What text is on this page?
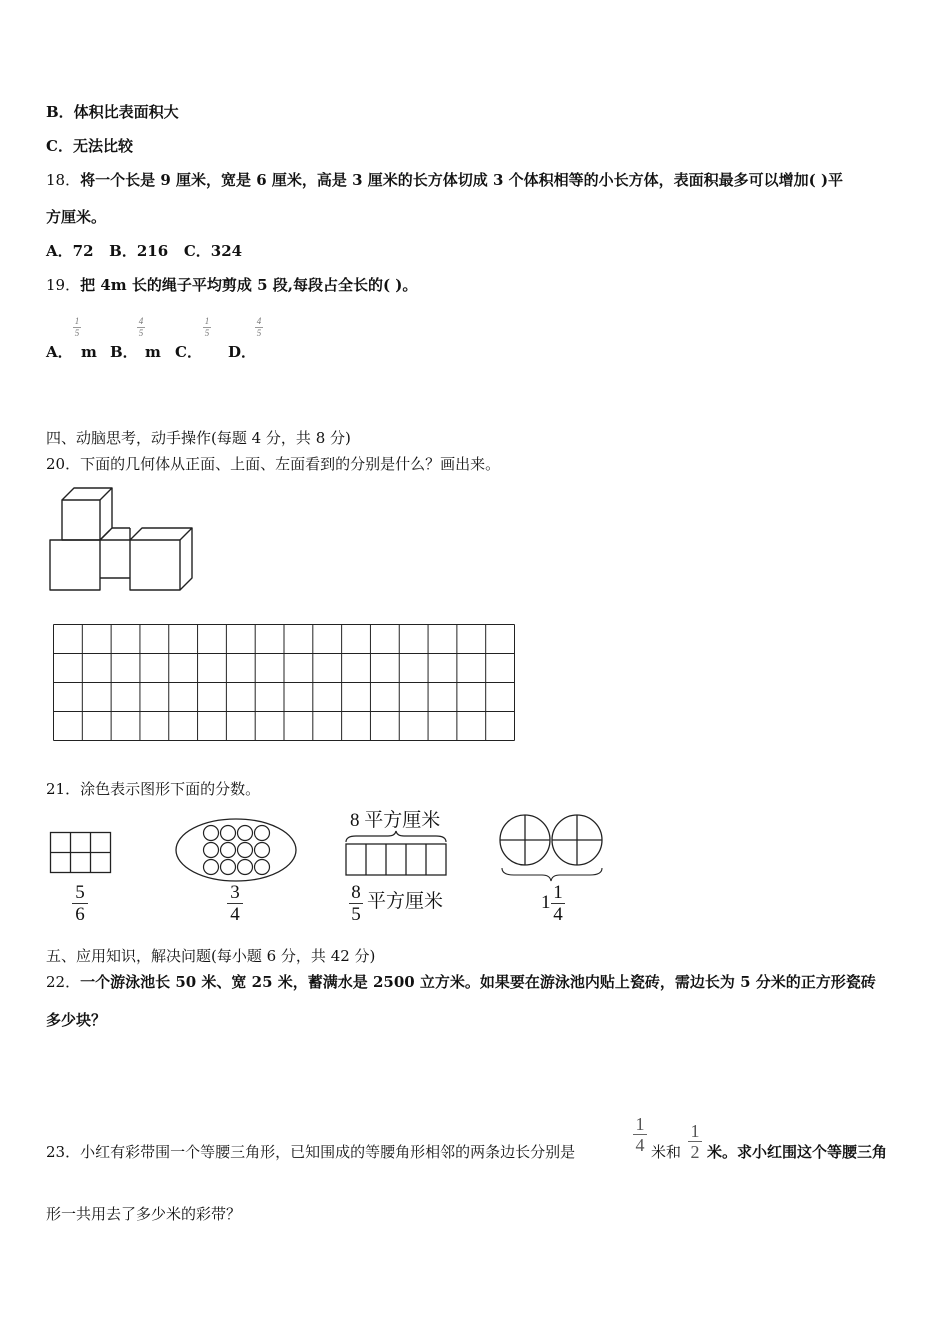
B．体积比表面积大
C．无法比较
18．将一个长是 9 厘米，宽是 6 厘米，高是 3 厘米的长方体切成 3 个体积相等的小长方体，表面积最多可以增加( )平
方厘米。
A．72   B．216   C．324
19．把 4m 长的绳子平均剪成 5 段,每段占全长的( )。
A．
1
5
m B．
4
5
m C．
1
5
D．
4
5
四、动脑思考，动手操作(每题 4 分，共 8 分)
20．下面的几何体从正面、上面、左面看到的分别是什么？画出来。
21．涂色表示图形下面的分数。
5
6
3
4
8 平方厘米
8
5
平方厘米	1 1
4
五、应用知识，解决问题(每小题 6 分，共 42 分)
22．一个游泳池长 50 米、宽 25 米，蓄满水是 2500 立方米。如果要在游泳池内贴上瓷砖，需边长为 5 分米的正方形瓷砖
多少块？
23．小红有彩带围一个等腰三角形，已知围成的等腰角形相邻的两条边长分别是
1
4 米和
1
2 米。求小红围这个等腰三角
形一共用去了多少米的彩带？
